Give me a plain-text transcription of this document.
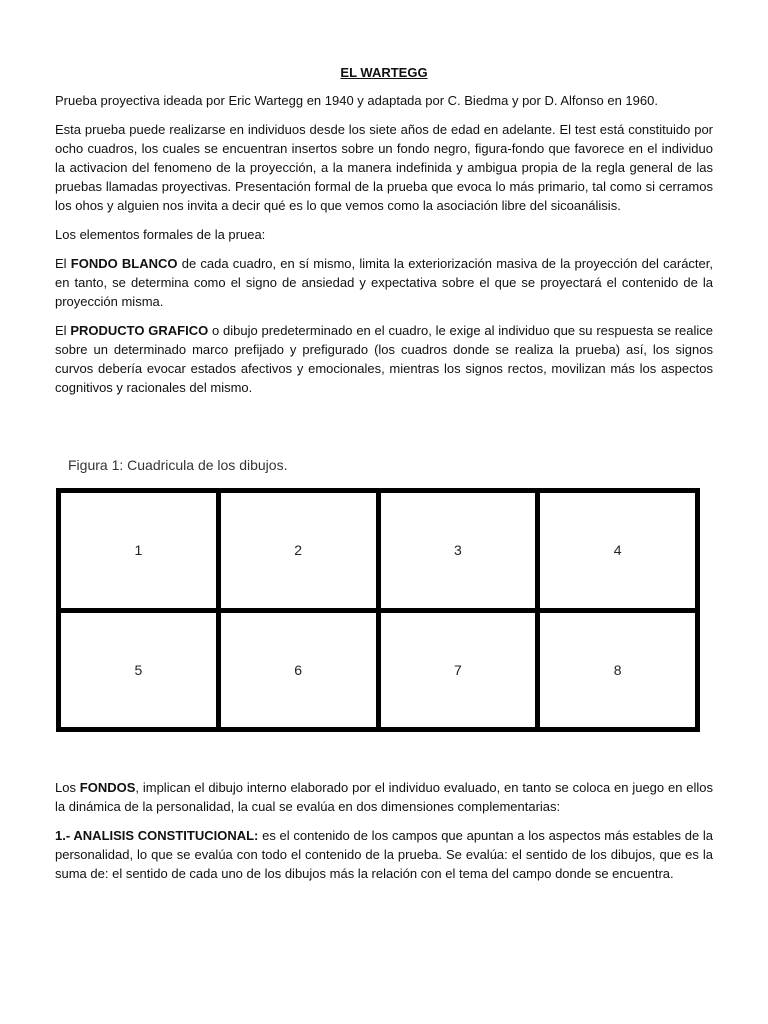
EL WARTEGG

Prueba proyectiva ideada por Eric Wartegg en 1940 y adaptada por C. Biedma y por D. Alfonso en 1960.

Esta prueba puede realizarse en individuos desde los siete años de edad en adelante. El test está constituido por ocho cuadros, los cuales se encuentran insertos sobre un fondo negro, figura-fondo que favorece en el individuo la activacion del fenomeno de la proyección, a la manera indefinida y ambigua propia de la regla general de las pruebas llamadas proyectivas. Presentación formal de la prueba que evoca lo más primario, tal como si cerramos los ohos y alguien nos invita a decir qué es lo que vemos como la asociación libre del sicoanálisis.

Los elementos formales de la pruea:

El FONDO BLANCO de cada cuadro, en sí mismo, limita la exteriorización masiva de la proyección del carácter, en tanto, se determina como el signo de ansiedad y expectativa sobre el que se proyectará el contenido de la proyección misma.

El PRODUCTO GRAFICO o dibujo predeterminado en el cuadro, le exige al individuo que su respuesta se realice sobre un determinado marco prefijado y prefigurado (los cuadros donde se realiza la prueba) así, los signos curvos debería evocar estados afectivos y emocionales, mientras los signos rectos, movilizan más los aspectos cognitivos y racionales del mismo.

Figura 1: Cuadricula de los dibujos.
1	2	3	4
5	6	7	8

Los FONDOS, implican el dibujo interno elaborado por el individuo evaluado, en tanto se coloca en juego en ellos la dinámica de la personalidad, la cual se evalúa en dos dimensiones complementarias:

1.- ANALISIS CONSTITUCIONAL: es el contenido de los campos que apuntan a los aspectos más estables de la personalidad, lo que se evalúa con todo el contenido de la prueba. Se evalúa: el sentido de los dibujos, que es la suma de: el sentido de cada uno de los dibujos más la relación con el tema del campo donde se encuentra.
